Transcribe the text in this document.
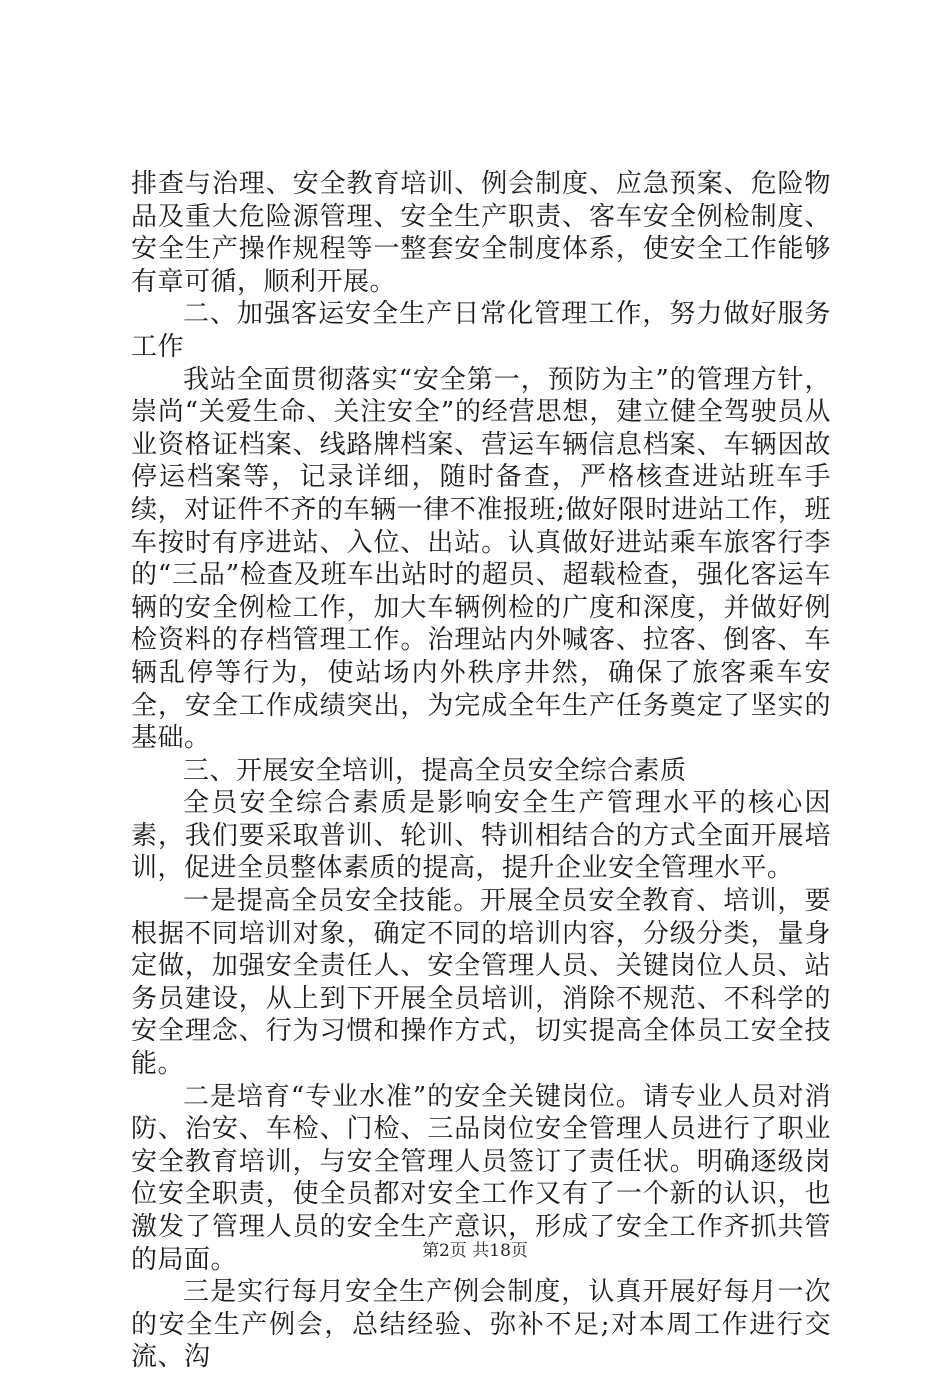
排查与治理、安全教育培训、例会制度、应急预案、危险物品及重大危险源管理、安全生产职责、客车安全例检制度、安全生产操作规程等一整套安全制度体系，使安全工作能够有章可循，顺利开展。

二、加强客运安全生产日常化管理工作，努力做好服务工作

我站全面贯彻落实“安全第一，预防为主”的管理方针，崇尚“关爱生命、关注安全”的经营思想，建立健全驾驶员从业资格证档案、线路牌档案、营运车辆信息档案、车辆因故停运档案等，记录详细，随时备查，严格核查进站班车手续，对证件不齐的车辆一律不准报班;做好限时进站工作，班车按时有序进站、入位、出站。认真做好进站乘车旅客行李的“三品”检查及班车出站时的超员、超载检查，强化客运车辆的安全例检工作，加大车辆例检的广度和深度，并做好例检资料的存档管理工作。治理站内外喊客、拉客、倒客、车辆乱停等行为，使站场内外秩序井然，确保了旅客乘车安全，安全工作成绩突出，为完成全年生产任务奠定了坚实的基础。

三、开展安全培训，提高全员安全综合素质

全员安全综合素质是影响安全生产管理水平的核心因素，我们要采取普训、轮训、特训相结合的方式全面开展培训，促进全员整体素质的提高，提升企业安全管理水平。

一是提高全员安全技能。开展全员安全教育、培训，要根据不同培训对象，确定不同的培训内容，分级分类，量身定做，加强安全责任人、安全管理人员、关键岗位人员、站务员建设，从上到下开展全员培训，消除不规范、不科学的安全理念、行为习惯和操作方式，切实提高全体员工安全技能。

二是培育“专业水准”的安全关键岗位。请专业人员对消防、治安、车检、门检、三品岗位安全管理人员进行了职业安全教育培训，与安全管理人员签订了责任状。明确逐级岗位安全职责，使全员都对安全工作又有了一个新的认识，也激发了管理人员的安全生产意识，形成了安全工作齐抓共管的局面。

三是实行每月安全生产例会制度，认真开展好每月一次的安全生产例会，总结经验、弥补不足;对本周工作进行交流、沟

第2页 共18页
